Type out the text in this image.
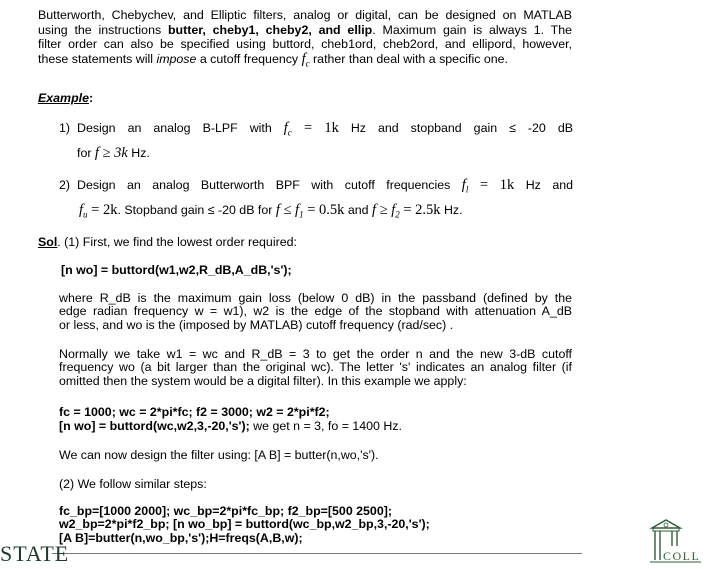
Butterworth, Chebychev, and Elliptic filters, analog or digital, can be designed on MATLAB
using the instructions butter, cheby1, cheby2, and ellip. Maximum gain is always 1. The
filter order can also be specified using buttord, cheb1ord, cheb2ord, and ellipord, however,
these statements will impose a cutoff frequency $f_c$ rather than deal with a specific one.
Example:
1) Design an analog B-LPF with $f_c = 1k$ Hz and stopband gain ≤ -20 dB
for f ≥ 3k Hz.
2) Design an analog Butterworth BPF with cutoff frequencies $f_l = 1k$ Hz and
$f_u = 2k$. Stopband gain ≤ -20 dB for $f \le f_1 = 0.5k$ and $f \ge f_2 = 2.5k$ Hz.
Sol. (1) First, we find the lowest order required:
[n wo] = buttord(w1,w2,R_dB,A_dB,'s');
where R_dB is the maximum gain loss (below 0 dB) in the passband (defined by the
edge radian frequency w = w1), w2 is the edge of the stopband with attenuation A_dB
or less, and wo is the (imposed by MATLAB) cutoff frequency (rad/sec) .
Normally we take w1 = wc and R_dB = 3 to get the order n and the new 3-dB cutoff
frequency wo (a bit larger than the original wc). The letter 's' indicates an analog filter (if
omitted then the system would be a digital filter). In this example we apply:
fc = 1000; wc = 2*pi*fc; f2 = 3000; w2 = 2*pi*f2;
[n wo] = buttord(wc,w2,3,-20,'s'); we get n = 3, fo = 1400 Hz.
We can now design the filter using: [A B] = butter(n,wo,'s').
(2) We follow similar steps:
fc_bp=[1000 2000]; wc_bp=2*pi*fc_bp; f2_bp=[500 2500];
w2_bp=2*pi*f2_bp; [n wo_bp] = buttord(wc_bp,w2_bp,3,-20,'s');
[A B]=butter(n,wo_bp,'s');H=freqs(A,B,w);
STATE	COLL
